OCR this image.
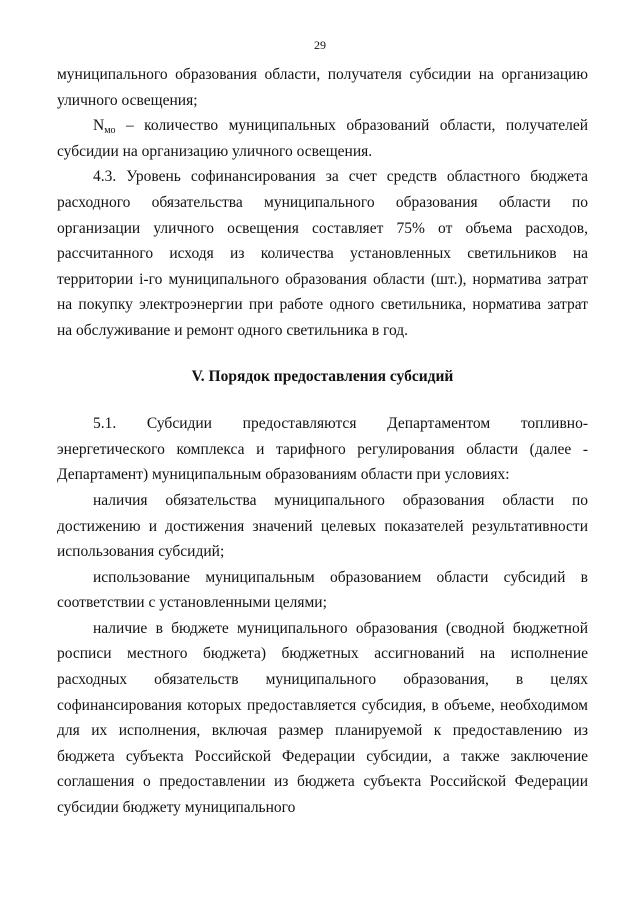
29

муниципального образования области, получателя субсидии на организацию уличного освещения;

$N_{мо}$ – количество муниципальных образований области, получателей субсидии на организацию уличного освещения.

4.3. Уровень софинансирования за счет средств областного бюджета расходного обязательства муниципального образования области по организации уличного освещения составляет 75% от объема расходов, рассчитанного исходя из количества установленных светильников на территории i-го муниципального образования области (шт.), норматива затрат на покупку электроэнергии при работе одного светильника, норматива затрат на обслуживание и ремонт одного светильника в год.

V. Порядок предоставления субсидий

5.1. Субсидии предоставляются Департаментом топливно-энергетического комплекса и тарифного регулирования области (далее - Департамент) муниципальным образованиям области при условиях:

наличия обязательства муниципального образования области по достижению и достижения значений целевых показателей результативности использования субсидий;

использование муниципальным образованием области субсидий в соответствии с установленными целями;

наличие в бюджете муниципального образования (сводной бюджетной росписи местного бюджета) бюджетных ассигнований на исполнение расходных обязательств муниципального образования, в целях софинансирования которых предоставляется субсидия, в объеме, необходимом для их исполнения, включая размер планируемой к предоставлению из бюджета субъекта Российской Федерации субсидии, а также заключение соглашения о предоставлении из бюджета субъекта Российской Федерации субсидии бюджету муниципального
